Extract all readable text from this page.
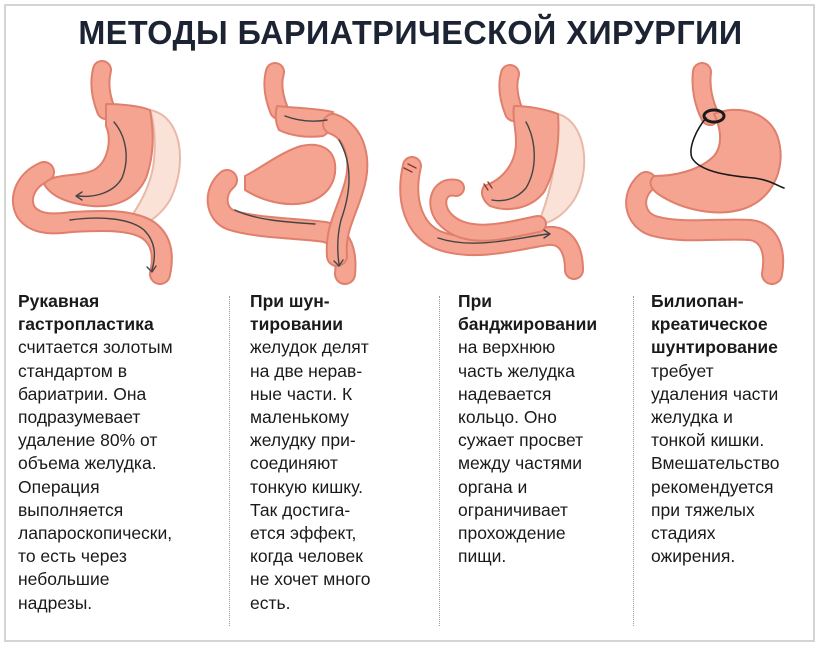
МЕТОДЫ БАРИАТРИЧЕСКОЙ ХИРУРГИИ
Рукавная
гастропластика
считается золотым
стандартом в
бариатрии. Она
подразумевает
удаление 80% от
объема желудка.
Операция
выполняется
лапароскопически,
то есть через
небольшие
надрезы.
При шун-
тировании
желудок делят
на две нерав-
ные части. К
маленькому
желудку при-
соединяют
тонкую кишку.
Так достига-
ется эффект,
когда человек
не хочет много
есть.
При
банджировании
на верхнюю
часть желудка
надевается
кольцо. Оно
сужает просвет
между частями
органа и
ограничивает
прохождение
пищи.
Билиопан-
креатическое
шунтирование
требует
удаления части
желудка и
тонкой кишки.
Вмешательство
рекомендуется
при тяжелых
стадиях
ожирения.
